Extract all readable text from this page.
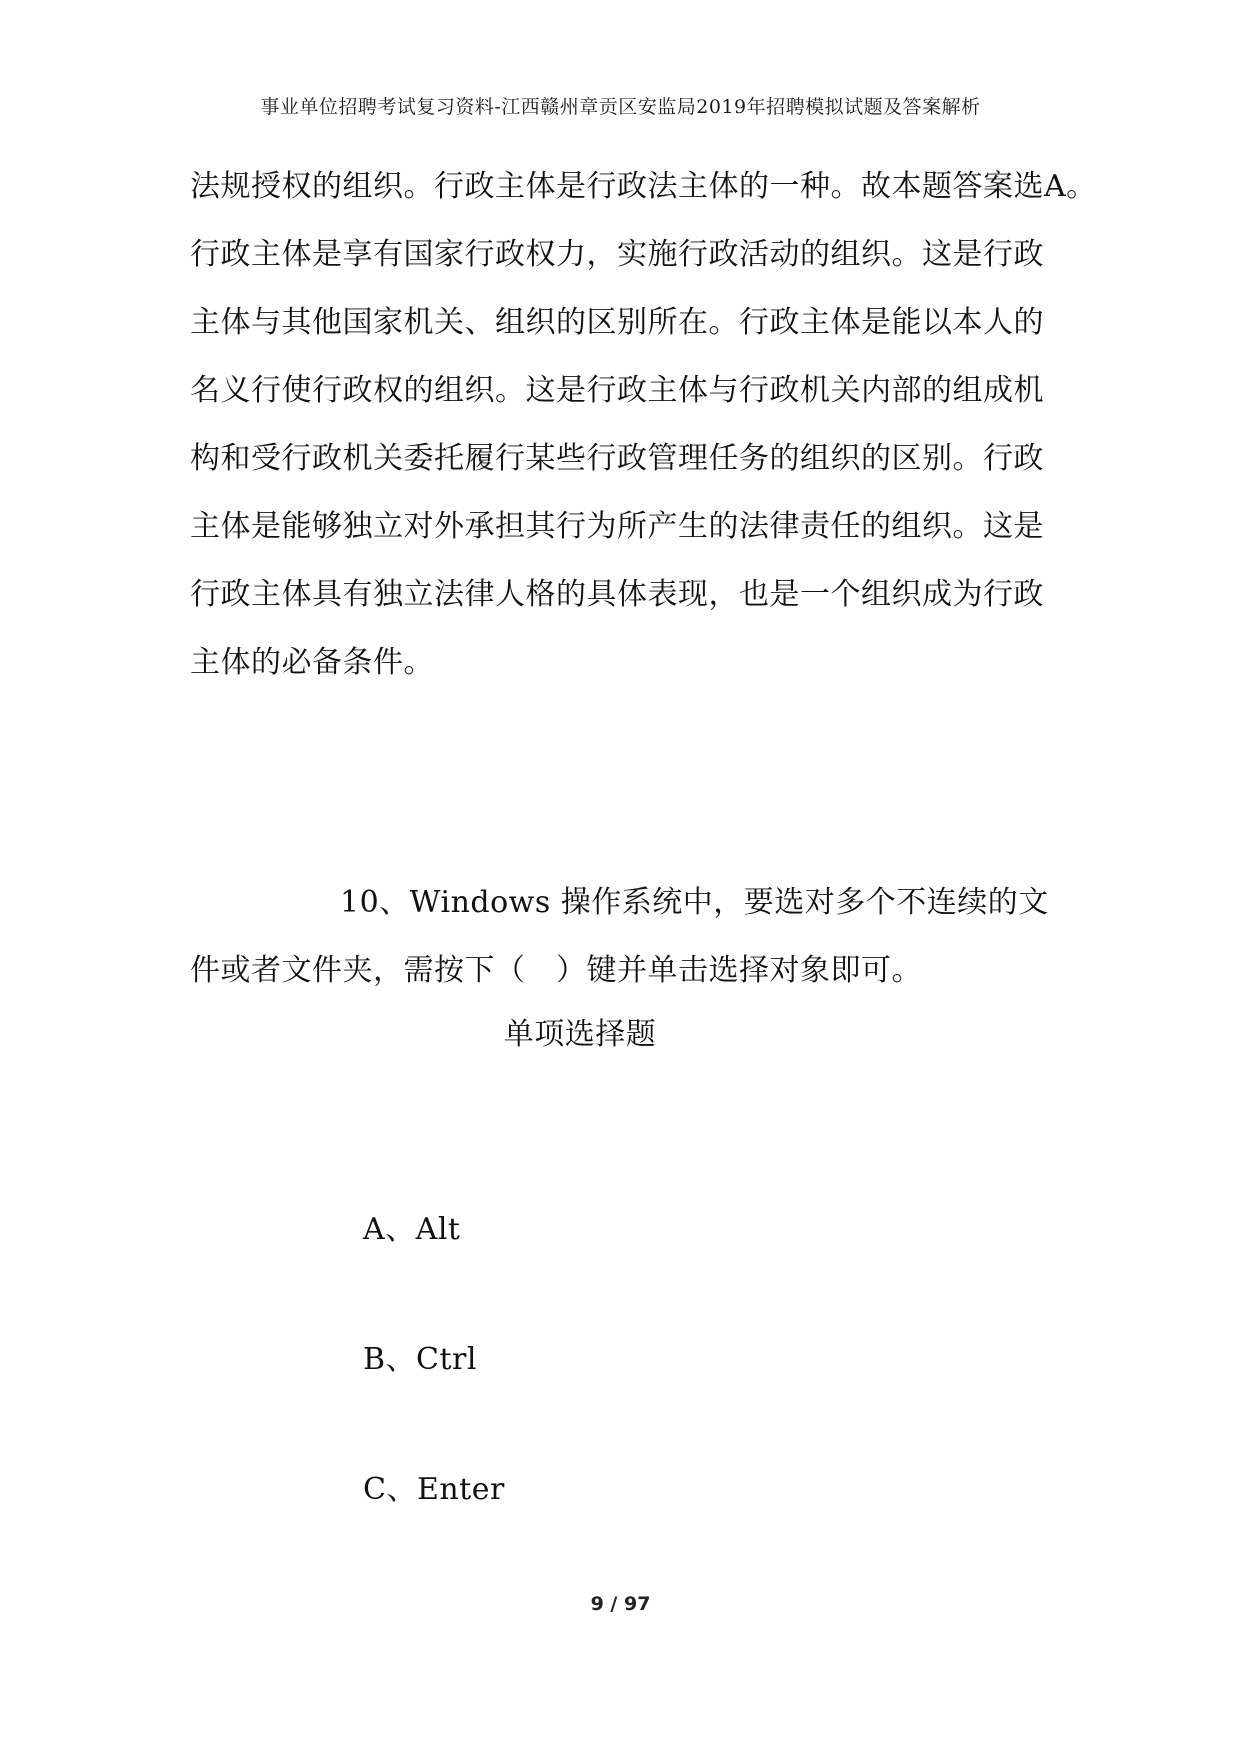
事业单位招聘考试复习资料-江西赣州章贡区安监局2019年招聘模拟试题及答案解析
法规授权的组织。行政主体是行政法主体的一种。故本题答案选A。
行政主体是享有国家行政权力，实施行政活动的组织。这是行政
主体与其他国家机关、组织的区别所在。行政主体是能以本人的
名义行使行政权的组织。这是行政主体与行政机关内部的组成机
构和受行政机关委托履行某些行政管理任务的组织的区别。行政
主体是能够独立对外承担其行为所产生的法律责任的组织。这是
行政主体具有独立法律人格的具体表现，也是一个组织成为行政
主体的必备条件。
10、Windows 操作系统中，要选对多个不连续的文
件或者文件夹，需按下（　）键并单击选择对象即可。
单项选择题
A、Alt
B、Ctrl
C、Enter
9 / 97
